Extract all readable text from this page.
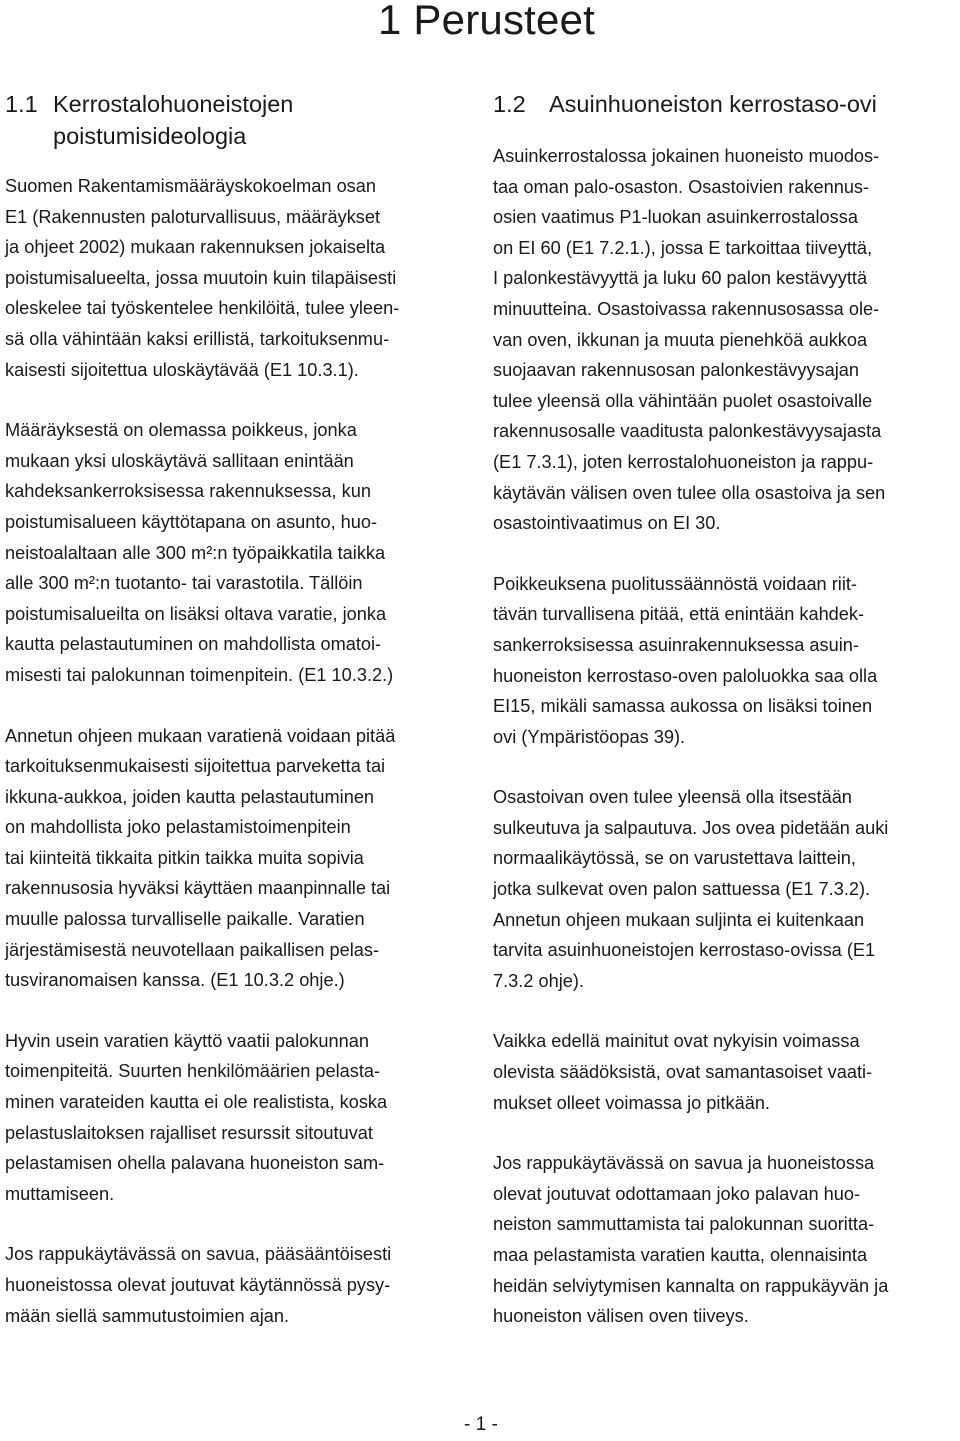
1 Perusteet
1.1 Kerrostalohuoneistojen
poistumisideologia

Suomen Rakentamismääräyskokoelman osan
E1 (Rakennusten paloturvallisuus, määräykset
ja ohjeet 2002) mukaan rakennuksen jokaiselta
poistumisalueelta, jossa muutoin kuin tilapäisesti
oleskelee tai työskentelee henkilöitä, tulee yleen-
sä olla vähintään kaksi erillistä, tarkoituksenmu-
kaisesti sijoitettua uloskäytävää (E1 10.3.1).

Määräyksestä on olemassa poikkeus, jonka
mukaan yksi uloskäytävä sallitaan enintään
kahdeksankerroksisessa rakennuksessa, kun
poistumisalueen käyttötapana on asunto, huo-
neistoalaltaan alle 300 m²:n työpaikkatila taikka
alle 300 m²:n tuotanto- tai varastotila. Tällöin
poistumisalueilta on lisäksi oltava varatie, jonka
kautta pelastautuminen on mahdollista omatoi-
misesti tai palokunnan toimenpitein. (E1 10.3.2.)

Annetun ohjeen mukaan varatienä voidaan pitää
tarkoituksenmukaisesti sijoitettua parveketta tai
ikkuna-aukkoa, joiden kautta pelastautuminen
on mahdollista joko pelastamistoimenpitein
tai kiinteitä tikkaita pitkin taikka muita sopivia
rakennusosia hyväksi käyttäen maanpinnalle tai
muulle palossa turvalliselle paikalle. Varatien
järjestämisestä neuvotellaan paikallisen pelas-
tusviranomaisen kanssa. (E1 10.3.2 ohje.)

Hyvin usein varatien käyttö vaatii palokunnan
toimenpiteitä. Suurten henkilömäärien pelasta-
minen varateiden kautta ei ole realistista, koska
pelastuslaitoksen rajalliset resurssit sitoutuvat
pelastamisen ohella palavana huoneiston sam-
muttamiseen.

Jos rappukäytävässä on savua, pääsääntöisesti
huoneistossa olevat joutuvat käytännössä pysy-
mään siellä sammutustoimien ajan.

1.2 Asuinhuoneiston kerrostaso-ovi

Asuinkerrostalossa jokainen huoneisto muodos-
taa oman palo-osaston. Osastoivien rakennus-
osien vaatimus P1-luokan asuinkerrostalossa
on EI 60 (E1 7.2.1.), jossa E tarkoittaa tiiveyttä,
I palonkestävyyttä ja luku 60 palon kestävyyttä
minuutteina. Osastoivassa rakennusosassa ole-
van oven, ikkunan ja muuta pienehköä aukkoa
suojaavan rakennusosan palonkestävyysajan
tulee yleensä olla vähintään puolet osastoivalle
rakennusosalle vaaditusta palonkestävyysajasta
(E1 7.3.1), joten kerrostalohuoneiston ja rappu-
käytävän välisen oven tulee olla osastoiva ja sen
osastointivaatimus on EI 30.

Poikkeuksena puolitussäännöstä voidaan riit-
tävän turvallisena pitää, että enintään kahdek-
sankerroksisessa asuinrakennuksessa asuin-
huoneiston kerrostaso-oven paloluokka saa olla
EI15, mikäli samassa aukossa on lisäksi toinen
ovi (Ympäristöopas 39).

Osastoivan oven tulee yleensä olla itsestään
sulkeutuva ja salpautuva. Jos ovea pidetään auki
normaalikäytössä, se on varustettava laittein,
jotka sulkevat oven palon sattuessa (E1 7.3.2).
Annetun ohjeen mukaan suljinta ei kuitenkaan
tarvita asuinhuoneistojen kerrostaso-ovissa (E1
7.3.2 ohje).

Vaikka edellä mainitut ovat nykyisin voimassa
olevista säädöksistä, ovat samantasoiset vaati-
mukset olleet voimassa jo pitkään.

Jos rappukäytävässä on savua ja huoneistossa
olevat joutuvat odottamaan joko palavan huo-
neiston sammuttamista tai palokunnan suoritta-
maa pelastamista varatien kautta, olennaisinta
heidän selviytymisen kannalta on rappukäyvän ja
huoneiston välisen oven tiiveys.

- 1 -
